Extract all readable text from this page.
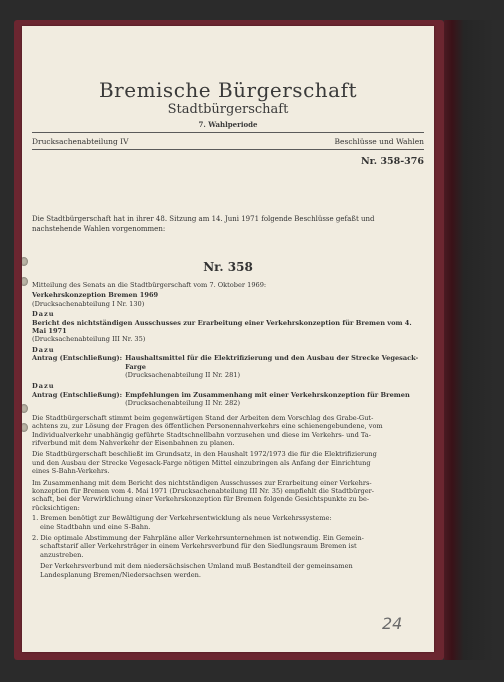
Bremische Bürgerschaft
Stadtbürgerschaft
7. Wahlperiode
Drucksachenabteilung IV	Beschlüsse und Wahlen
Nr. 358-376
Die Stadtbürgerschaft hat in ihrer 48. Sitzung am 14. Juni 1971 folgende Beschlüsse gefaßt und nachstehende Wahlen vorgenommen:
Nr. 358
Mitteilung des Senats an die Stadtbürgerschaft vom 7. Oktober 1969:
Verkehrskonzeption Bremen 1969
(Drucksachenabteilung I Nr. 130)
Dazu
Bericht des nichtständigen Ausschusses zur Erarbeitung einer Verkehrskonzeption für Bremen vom 4.
Mai 1971
(Drucksachenabteilung III Nr. 35)
Dazu
Antrag (Entschließung): Haushaltsmittel für die Elektrifizierung und den Ausbau der Strecke Vegesack-
Farge
(Drucksachenabteilung II Nr. 281)
Dazu
Antrag (Entschließung): Empfehlungen im Zusammenhang mit einer Verkehrskonzeption für Bremen
(Drucksachenabteilung II Nr. 282)
Die Stadtbürgerschaft stimmt beim gegenwärtigen Stand der Arbeiten dem Vorschlag des Grabe-Gut-
achtens zu, zur Lösung der Fragen des öffentlichen Personennahverkehrs eine schienengebundene, vom
Individualverkehr unabhängig geführte Stadtschnellbahn vorzusehen und diese im Verkehrs- und Ta-
rifverbund mit dem Nahverkehr der Eisenbahnen zu planen.
Die Stadtbürgerschaft beschließt im Grundsatz, in den Haushalt 1972/1973 die für die Elektrifizierung
und den Ausbau der Strecke Vegesack-Farge nötigen Mittel einzubringen als Anfang der Einrichtung
eines S-Bahn-Verkehrs.
Im Zusammenhang mit dem Bericht des nichtständigen Ausschusses zur Erarbeitung einer Verkehrs-
konzeption für Bremen vom 4. Mai 1971 (Drucksachenabteilung III Nr. 35) empfiehlt die Stadtbürger-
schaft, bei der Verwirklichung einer Verkehrskonzeption für Bremen folgende Gesichtspunkte zu be-
rücksichtigen:
1. Bremen benötigt zur Bewältigung der Verkehrsentwicklung als neue Verkehrssysteme:
eine Stadtbahn und eine S-Bahn.
2. Die optimale Abstimmung der Fahrpläne aller Verkehrsunternehmen ist notwendig. Ein Gemein-
schaftstarif aller Verkehrsträger in einem Verkehrsverbund für den Siedlungsraum Bremen ist
anzustreben.
Der Verkehrsverbund mit dem niedersächsischen Umland muß Bestandteil der gemeinsamen
Landesplanung Bremen/Niedersachsen werden.
24
